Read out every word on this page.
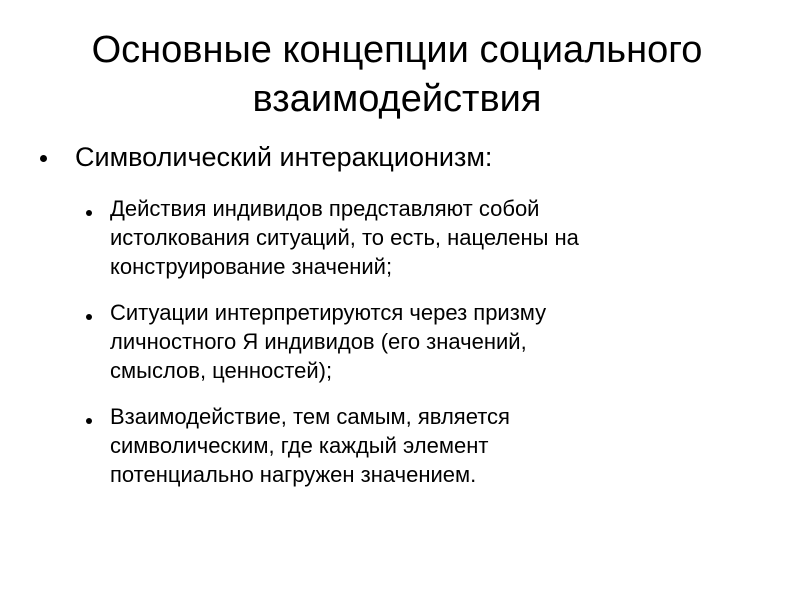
Основные концепции социального
взаимодействия
Символический интеракционизм:
Действия индивидов представляют собой
истолкования ситуаций, то есть, нацелены на
конструирование значений;
Ситуации интерпретируются через призму
личностного Я индивидов (его значений,
смыслов, ценностей);
Взаимодействие, тем самым, является
символическим, где каждый элемент
потенциально нагружен значением.
